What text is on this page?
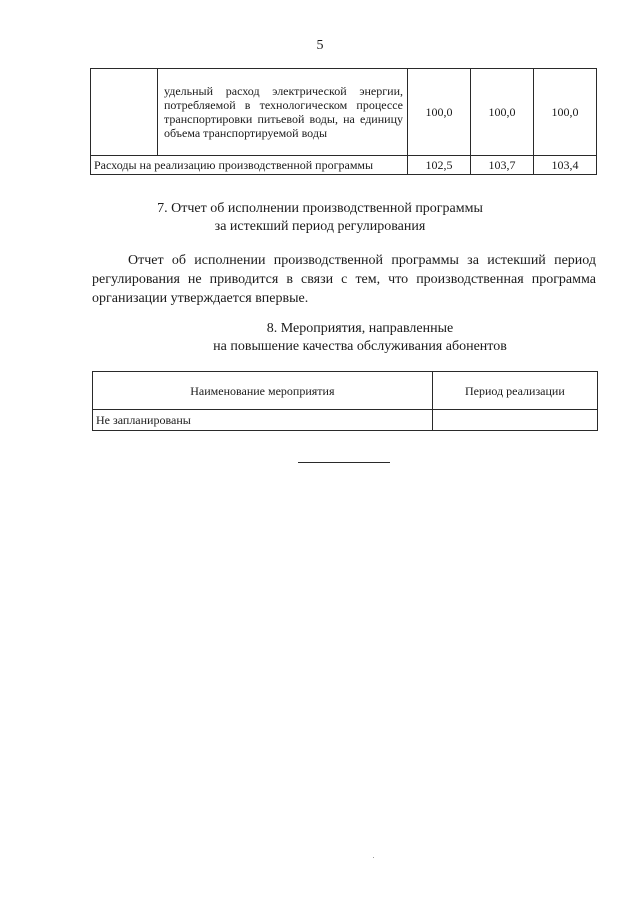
5
	удельный расход электрической энергии, потребляемой в технологическом процессе транспортировки питьевой воды, на единицу объема транспортируемой воды	100,0	100,0	100,0
Расходы на реализацию производственной программы		102,5	103,7	103,4
7. Отчет об исполнении производственной программы
за истекший период регулирования
Отчет об исполнении производственной программы за истекший период регулирования не приводится в связи с тем, что производственная программа организации утверждается впервые.
8. Мероприятия, направленные
на повышение качества обслуживания абонентов
Наименование мероприятия	Период реализации
Не запланированы	
